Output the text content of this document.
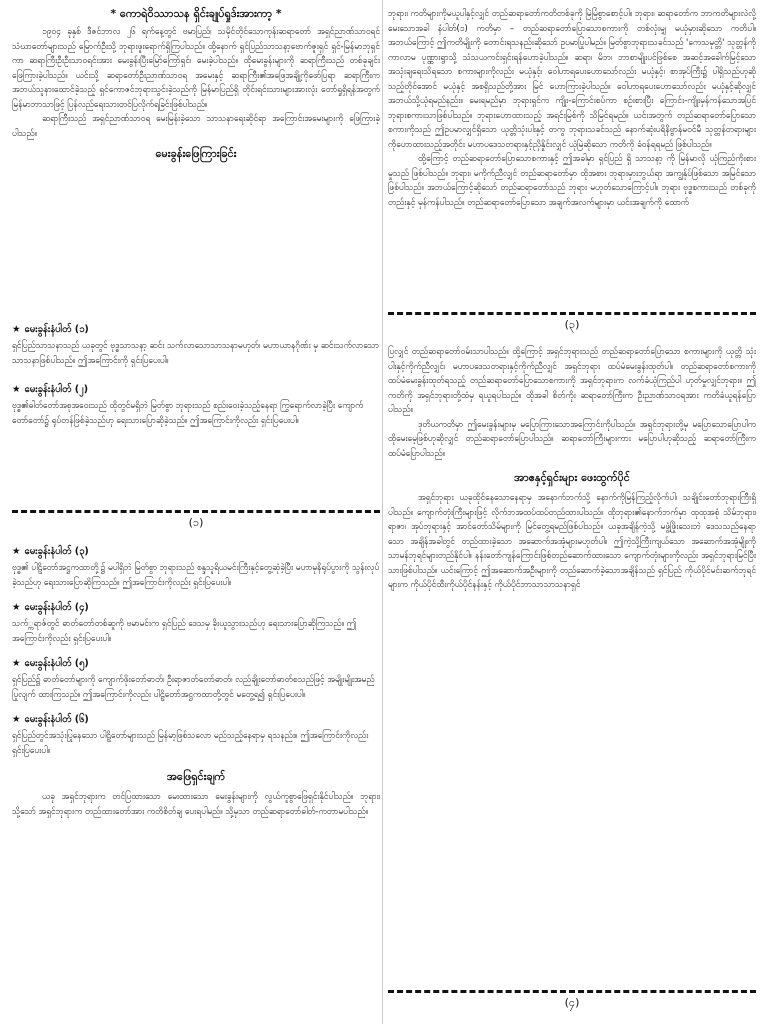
* ကောရဲ၀ိဿာသန ရှိင်းချုပ်ရှုဒ်းအားကာ့ *

၁၉၀၄ ခုနှစ် ဒီဇင်ဘာလ ၂၆ ရက်နေ့တွင် ဗမာပြည်၊ သမိုင်တိုင်သောကုန်းဆရာတော် အရှင်ညာဏ်သာဝရင် သံဃာတော်များသည် မြောက်ဦးသို့ ဘုရားဖူးရောက်ရှိကြပါသည်။ ထို့နောက် ရှင်ပြည်သာသနာ့ဗောက်ဇူးရှင် ရှင်-မြန်မာဘုရှင်ကာ ဆရာကြီးဦးဦးသာဝရင်းအား မေးခွန်းပြီးမြော်ကြော်ရှင်၊ မေးခဲ့ပါသည်။ ထိုမေးခွန်းများကို ဆရာကြီးသည် တစ်ခုချင်းဖြေကြားခဲ့ပါသည်။ ယင်းသို့ ဆရာတော်ဦးညာဏ်သာဝရ အမေးနှင့် ဆရာကြီး၏အဖြေအချို့ကိုဖော်ပြရာ ဆရာကြီးက အဘယ်သူနားထောင်ခဲ့သည့် ရှင်ကောဇင်ဘုရားသွင်းခဲ့သည်ကို မြန်မာပြည်ရှိ တိုင်းရင်းသားများအားလုံး တော်ရှုရှိရန်အတွက် မြန်မာဘာသာဖြင့် ပြန်လည်ရေးသားတင်ပြလိုက်ရခြင်းဖြစ်ပါသည်။

ဆရာကြီးသည် အရှင်ညာဏ်သာဝရ မေးမြန်းခဲ့သော သာသနာရေးဆိုင်ရာ အကြောင်းအမေးများကို ဖြေကြားခဲ့ပါသည်။

မေးခွန်းဖြေကြားခြင်း
★ မေးခွန်းနံပါတ် (၁)

ရှင်ပြည်သာသနာသည် ယခုတွင် ဗုဒ္ဓသာသနာ့ ဆင်း သက်လာသောသာသနာမဟုတ်၊ မဟာယာနဂိုဏ်း မှ ဆင်းသက်လာသော သာသနာဖြစ်ပါသည်။ ဤအကြောင်းကို ရှင်းပြပေးပါ။

★ မေးခွန်းနံပါတ် (၂)

ဗုဒ္ဓ၏ဓါတ်တော်အစုအဝေးသည် ထိုတွင်မရှိဘဲ မြတ်စွာ ဘုရားသည် စည်းဝေးခဲ့သည့်နေရာ ကြွရောက်လာခဲ့ပြီး ကျောက်တော်တော်၌ ရုပ်တန်ဖြစ်ခဲ့သည်ဟု ရေးသားပြောဆိုခဲ့သည်။ ဤအကြောင်းကိုလည်း ရှင်းပြပေးပါ။

(၁)
★ မေးခွန်းနံပါတ် (၃)

ဗုဒ္ဓ၏ ပါဠိတော်အဋ္ဌကထာတို့၌ မပါရှိဘဲ မြတ်စွာ ဘုရားသည် စန္ဒသူရိယမင်းကြီးနှင့်တွေ့ဆုံခဲ့ပြီး မဟာမုနိရုပ်ပွားကို သွန်းလုပ်ခဲ့သည်ဟု ရေးသားပြောဆိုကြသည်။ ဤအကြောင်းကိုလည်း ရှင်းပြပေးပါ။

★ မေးခွန်းနံပါတ် (၄)

သက်္ကရာဇ်တွင် ဓာတ်တော်တစ်ဆူကို ဗမာမင်းက ရှင်ပြည် ဒေသမှ ခိုးယူသွားသည်ဟု ရေးသားပြောဆိုကြသည်။ ဤအကြောင်းကိုလည်း ရှင်းပြပေးပါ။

★ မေးခွန်းနံပါတ် (၅)

ရှင်ပြည်၌ ဓာတ်တော်များကို ကျောက်ဖိုးတော်ဓာတ်၊ ဦးရာဇာတ်တော်ဓာတ်၊ လည်ချိုးတော်ဓာတ်စသည်ဖြင့် အမျိုးမျိုးအမည်ပြုလျက် ထားကြသည်။ ဤအကြောင်းကိုလည်း ပါဠိတော်အဋ္ဌကထာတို့တွင် မတွေ့ရ၍ ရှင်းပြပေးပါ။

★ မေးခွန်းနံပါတ် (၆)

ရှင်ပြည်တွင်အသုံးပြုနေသော ပါဠိတော်များသည် မြန်မာ့ဖြစ်သလော မည်သည့်နေရာမှ ရသနည်း။ ဤအကြောင်းကိုလည်း ရှင်းပြပေးပါ။

အဖြေရှင်းချက်

ယခု အရှင်ဘုရားက တင်ပြထားသော မေးထားသော မေးခွန်းများကို လွယ်ကူစွာဖြေရှင်းနိုင်ပါသည်။ ဘုရား၊ သို့သော် အရှင်ဘုရားက တည်ထားတော်အား ကတိစိတ်ချ ပေးရပါမည်။ သို့မှသာ တည်ဆရာတော်ဓါတ်-ကတာမပါသည်။

ဘုရား၊ ကတိများကိုမယူပါနှင့်လျှင် တည်ဆရာတော်ကတိတစ်ခုကို မြဲမြံစွာစောင့်ပါ။ ဘုရား၊ ဆရာတော်က ဘာကတိများလဲလို့ မေးသောအခါ နံပါတ်(၁) ကတိမှာ – တည်ဆရာတော်ပြောသောစကားကို တစ်လုံးမျှ မယုံမှားဆိုသော ကတိပါ။ အဘယ်ကြောင့် ဤကတိမျိုးကို တောင်းရသနည်းဆိုသော် ဥပမာပြုပါမည်။ မြတ်စွာဘုရားသခင်သည် 'ကေသမုတ္တိ' သုတ္တန်ကို ကာလာမ ပုဏ္ဏားရွာသို့ သံသယကင်းရှင်းရန်ဟောခဲ့ပါသည်။ ဆရာ၊ မိဘ၊ ဘာစာမျိုးပင်ဖြစ်စေ အဆင့်အခေါက်မြင့်သော အသုံးချရေးသိရသော စကားများကိုလည်း မယုံနှင့်၊ ဝေါဟာရပေးဟောသော်လည်း မယုံနှင့်၊ စာအုပ်ကြီး၌ ပါရှိသည်ဟုဆိုသည့်တိုင်အောင် မယုံနှင့် အစရှိသည်တို့အား မြင် ဟောကြားခဲ့ပါသည်။ ဝေါဟာရပေးဟောသော်လည်း မယုံနှင့်ဆိုလျှင် အဘယ်သို့ယုံရမည်နည်း။ မေးရမည်မှာ ဘုရားရှင်က ကျိုး-ကြောင်းစပ်ကာ စဉ်းစားပြီး ကြောင်း-ကျိုးမှန်ကန်သောအပြင် ဘုရားစကားသာဖြစ်ပါသည်။ ဘုရားဟောထားသည့် အရင်းမြစ်ကို သိမြင်ရမည်။ ယင်းအတွက် တည်ဆရာတော်ပြောသောစကားကိုသည် ဤဥပမာလျှင်ရှိသော ယုတ္တိသုံးပါးနှင့် တကွ ဘုရားသခင်သည် နောက်ဆုံးပရိနိဗ္ဗာန်မဝင်မီ သုတ္တန်တရားများကိုဟောထားသည့်အတိုင်း မဟာပဒေသတရားနှင့်ညှိနှိုင်းလျှင် ယုံမြဲဆိုသော ကတိကို ခံဝန်ရရမည် ဖြစ်ပါသည်။

ထို့ကြောင့် တည်ဆရာတော်ပြောသောစကားနှင့် ဤအခါမှာ ရှင်ပြည် ရှိ သာသနာ့ ကို မြန်မာလို ယုံကြည်ကိုးစားမှုသည် ဖြစ်ပါသည်။ ဘုရား၊ မကိုက်ညီလျှင် တည်ဆရာတော်မှာ ထိုအစား ဘုရားမှားဘွယ်ရာ အကျွန်ုပ်ဖြစ်သော အမြင်သော ဖြစ်ပါသည်။ အဘယ်ကြောင့်ဆိုသော် တည်ဆရာတော်သည် ဘုရား မဟုတ်သောကြောင့်ပါ။ ဘုရား ဗုဒ္ဓစကားသည် တစ်ခုကိုတည်းနှင့် မှန်ကန်ပါသည်။ တည်ဆရာတော်ပြောသော အချက်အလက်များမှာ ယင်းအချက်ကို ထောက်

(၃)

ပြလျှင် တည်ဆရာတော်ဝမ်းသာပါသည်။ ထို့ကြောင့် အရှင်ဘုရားသည် တည်ဆရာတော်ပြောသော စကားများကို ယုတ္တိ သုံးပါးနှင့်ကိုက်ညီလျှင်၊ မဟာပဒေသတရားနှင့်ကိုက်ညီလျှင် အရှင်ဘုရား ထပ်မံမေးခွန်းထုတ်ပါ။ တည်ဆရာတော်စကားကို ထပ်မံမေးခွန်းထုတ်ရသည့် တည်ဆရာတော်ပြောသောစကားကို အရှင်ဘုရားက လက်ခံယုံကြည်ပါ ဟုတ်မှုလျှင်ဘုရား။ ဤကတိကို အရှင်ဘုရားတို့ထံမှ ရယူရပါသည်။ ထိုအခါ စိတ်ကိုး ဆရာတော်ကြီးက ဦးညာဏ်သာဝရအား ကတိခံယူရန်ပြောပါသည်။

ဒုတိယကတိမှာ ဤမေးခွန်းများမှ မပြောကြားသောအကြောင်းကိုပါသည်။ အရှင်ဘုရားတို့မှ မပြောသောပြောပါက ထိုမေးမေ့ဖြစ်ဟုဆိုလျှင် တည်ဆရာတော်ပြောပါသည်။ ဆရာတော်ကြီးများကား မပြောပါဟုဆိုသည့် ဆရာတော်ကြီးက ထပ်မံပြောပါသည်။

အာဧနှင့်ရှင်းများ ဖေးထွက်ပိုင်

အရှင်ဘုရား ယခုထိုင်နေသောနေရာမှ အနောက်ဘက်သို့ နောက်ကိုမြန်ကြည့်လိုက်ပါ၊ သချိုင်းတော်ဘုရားကြီးရှိပါသည်။ ကျောက်တုံးကြီးများဖြင့် လိုက်ဘအထပ်ထပ်တည်ထားပါသည်။ ထိုဘုရား၏နောက်ဘက်မှာ ထုထုအစုံ သိမ်ဘုရား၊ ရာဇာ၊ အုပ်ဘုရားနှင့် အာင်တော်သိမ်များကို မြင်တွေ့ရမည်ဖြစ်ပါသည်။ ယခုအချိန်ကဲ့သို့ မဖွံ့ဖြိုးသေးဘဲ ဒေသသည်နေရာသော အချိန်အခါတွင် တည်ထားခဲ့သော အဆောက်အအုံများမဟုတ်ပါ။ ဤကဲ့သို့ကြီးကျယ်သော အဆောက်အအုံမျိုးကို သာမန်ဘုရင်များတည်နိုင်ပါ။ နန်းတော်ကျန်ကြောင်းဖြစ်တည်ဆောက်ထားသော ကျောက်တုံးများကိုလည်း အရှင်ဘုရားမြင်ပြီးသားဖြစ်ပါသည်။ ယင်းကြောင့် ဤအဆောက်အဦးများကို တည်ဆောက်ခဲ့သောအချိန်သည် ရှင်ပြည် ကိုယ်ပိုင်မင်းဆက်ဘုရင်များက ကိုယ်ပိုင်ထီးကိုယ်ပိုင်နန်းနှင့် ကိုယ်ပိုင်ဘာသာသာသနာရှင်

(၄)
